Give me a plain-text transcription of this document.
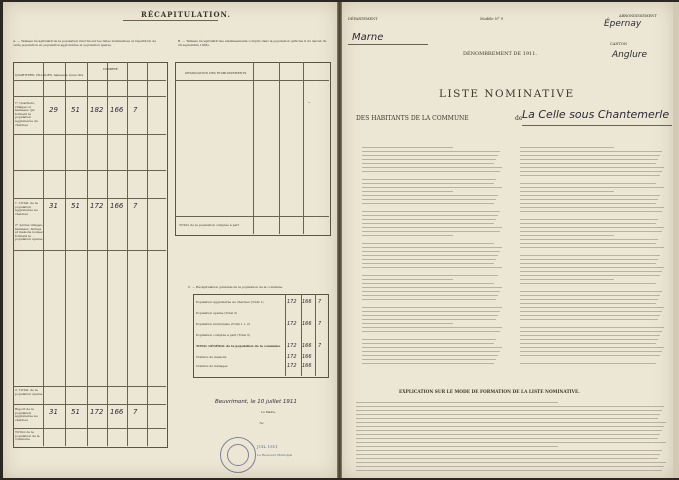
RÉCAPITULATION.
A. — Tableau récapitulatif de la population inscrite sur les listes nominatives et répartition de cette population en population agglomérée et population éparse.
B. — Tableau récapitulatif des établissements compris dans la population (articles 9 du décret du 20 septembre 1906).
QUARTIERS, VILLAGES, hameaux, lieux dits
NOMBRE
1° Quartiers, villages ou hameaux qui forment la population agglomérée du chef-lieu
1. TOTAL de la population agglomérée au chef-lieu
2° Autres villages, hameaux, fermes et maisons isolées formant la population éparse
2. TOTAL de la population éparse
Report de la population agglomérée au chef-lieu
TOTAL de la population de la commune
29 51 182 166 7
31 51 172 166 7
31 51 172 166 7
DÉSIGNATION DES ÉTABLISSEMENTS
TOTAL de la population comptée à part
·
C. — Récapitulation générale de la population de la commune.
Population agglomérée au chef-lieu (Total 1)
Population éparse (Total 2)
Population municipale (Total 1 + 2)
Population comptée à part (Total 3)
TOTAL GÉNÉRAL de la population de la commune
Nombre de maisons
Nombre de ménages
172 166 7
172 166 7
172 166 7
172 166
172 166
Beuvrimont, le 10 juillet 1911
Le Maire,
~
JUIL 1911
Le Receveur Municipal
DÉPARTEMENT	Modèle N° 9
ARRONDISSEMENT
Marne
Épernay
CANTON
Anglure
DÉNOMBREMENT DE 1911.
LISTE NOMINATIVE
DES HABITANTS DE LA COMMUNE	de La Celle sous Chantemerle
EXPLICATION SUR LE MODE DE FORMATION DE LA LISTE NOMINATIVE.
